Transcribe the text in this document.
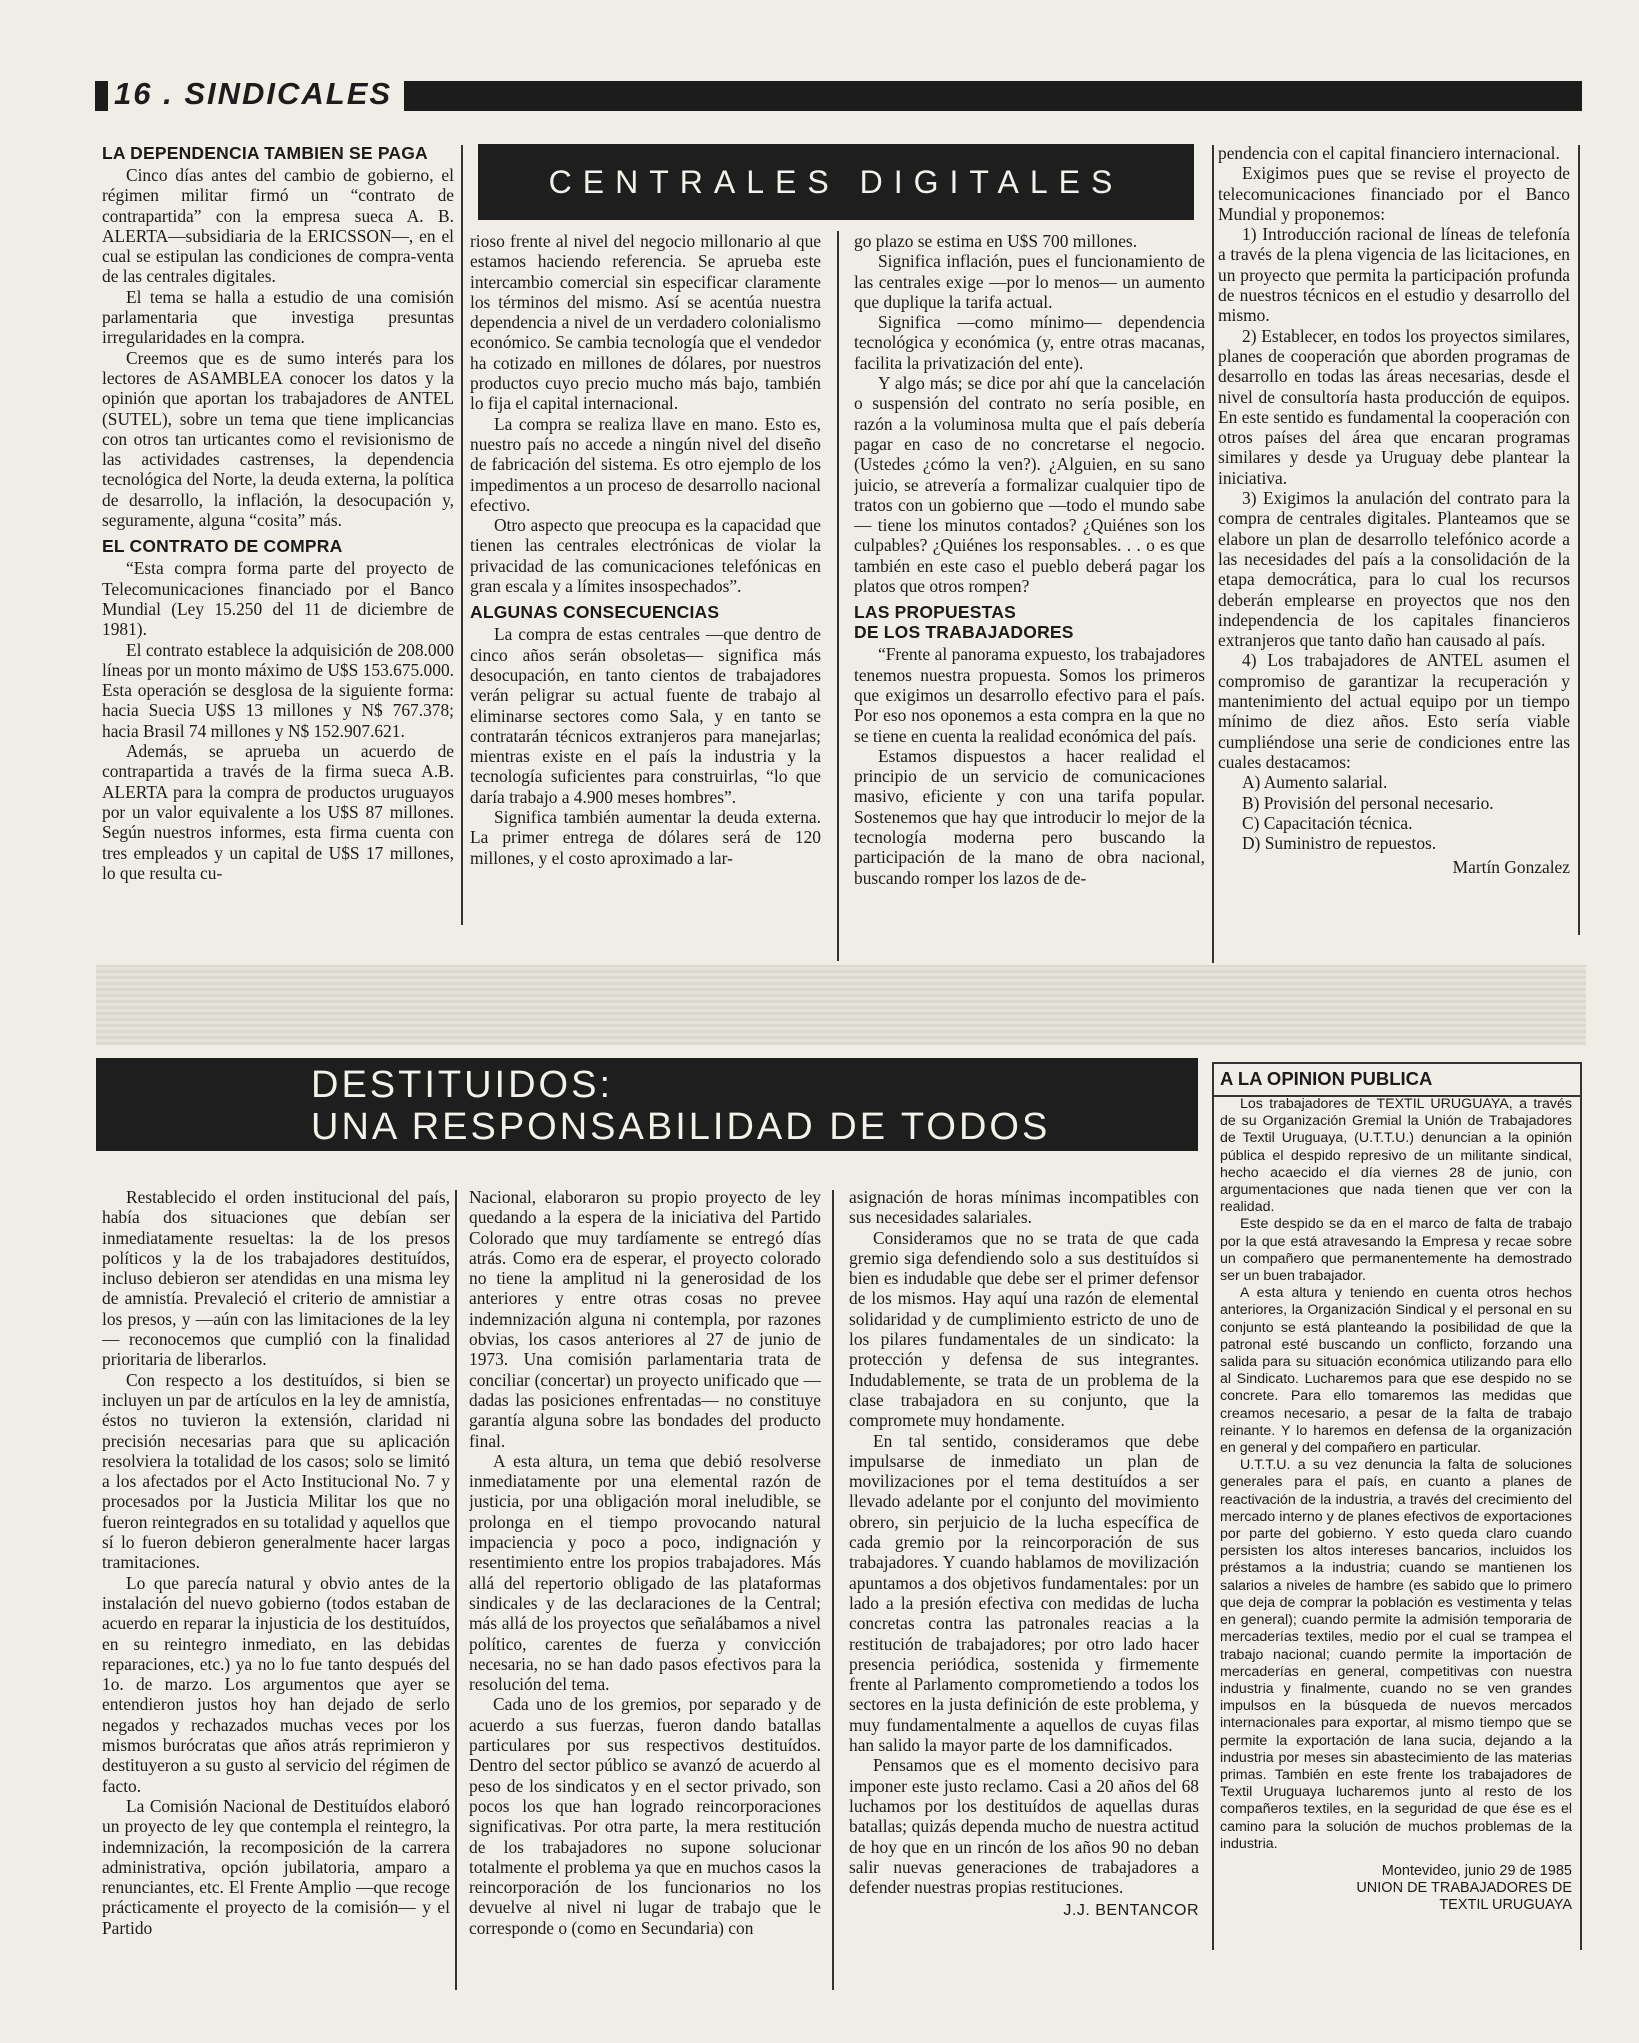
16 . SINDICALES
CENTRALES DIGITALES
LA DEPENDENCIA TAMBIEN SE PAGA

Cinco días antes del cambio de gobierno, el régimen militar firmó un “contrato de contrapartida” con la empresa sueca A. B. ALERTA—subsidiaria de la ERICSSON—, en el cual se estipulan las condiciones de compra-venta de las centrales digitales.

El tema se halla a estudio de una comisión parlamentaria que investiga presuntas irregularidades en la compra.

Creemos que es de sumo interés para los lectores de ASAMBLEA conocer los datos y la opinión que aportan los trabajadores de ANTEL (SUTEL), sobre un tema que tiene implicancias con otros tan urticantes como el revisionismo de las actividades castrenses, la dependencia tecnológica del Norte, la deuda externa, la política de desarrollo, la inflación, la desocupación y, seguramente, alguna “cosita” más.

EL CONTRATO DE COMPRA

“Esta compra forma parte del proyecto de Telecomunicaciones financiado por el Banco Mundial (Ley 15.250 del 11 de diciembre de 1981).

El contrato establece la adquisición de 208.000 líneas por un monto máximo de U$S 153.675.000. Esta operación se desglosa de la siguiente forma: hacia Suecia U$S 13 millones y N$ 767.378; hacia Brasil 74 millones y N$ 152.907.621.

Además, se aprueba un acuerdo de contrapartida a través de la firma sueca A.B. ALERTA para la compra de productos uruguayos por un valor equivalente a los U$S 87 millones. Según nuestros informes, esta firma cuenta con tres empleados y un capital de U$S 17 millones, lo que resulta cu-

rioso frente al nivel del negocio millonario al que estamos haciendo referencia. Se aprueba este intercambio comercial sin especificar claramente los términos del mismo. Así se acentúa nuestra dependencia a nivel de un verdadero colonialismo económico. Se cambia tecnología que el vendedor ha cotizado en millones de dólares, por nuestros productos cuyo precio mucho más bajo, también lo fija el capital internacional.

La compra se realiza llave en mano. Esto es, nuestro país no accede a ningún nivel del diseño de fabricación del sistema. Es otro ejemplo de los impedimentos a un proceso de desarrollo nacional efectivo.

Otro aspecto que preocupa es la capacidad que tienen las centrales electrónicas de violar la privacidad de las comunicaciones telefónicas en gran escala y a límites insospechados”.

ALGUNAS CONSECUENCIAS

La compra de estas centrales —que dentro de cinco años serán obsoletas— significa más desocupación, en tanto cientos de trabajadores verán peligrar su actual fuente de trabajo al eliminarse sectores como Sala, y en tanto se contratarán técnicos extranjeros para manejarlas; mientras existe en el país la industria y la tecnología suficientes para construirlas, “lo que daría trabajo a 4.900 meses hombres”.

Significa también aumentar la deuda externa. La primer entrega de dólares será de 120 millones, y el costo aproximado a lar-

go plazo se estima en U$S 700 millones.

Significa inflación, pues el funcionamiento de las centrales exige —por lo menos— un aumento que duplique la tarifa actual.

Significa —como mínimo— dependencia tecnológica y económica (y, entre otras macanas, facilita la privatización del ente).

Y algo más; se dice por ahí que la cancelación o suspensión del contrato no sería posible, en razón a la voluminosa multa que el país debería pagar en caso de no concretarse el negocio. (Ustedes ¿cómo la ven?). ¿Alguien, en su sano juicio, se atrevería a formalizar cualquier tipo de tratos con un gobierno que —todo el mundo sabe— tiene los minutos contados? ¿Quiénes son los culpables? ¿Quiénes los responsables. . . o es que también en este caso el pueblo deberá pagar los platos que otros rompen?

LAS PROPUESTAS
DE LOS TRABAJADORES

“Frente al panorama expuesto, los trabajadores tenemos nuestra propuesta. Somos los primeros que exigimos un desarrollo efectivo para el país. Por eso nos oponemos a esta compra en la que no se tiene en cuenta la realidad económica del país.

Estamos dispuestos a hacer realidad el principio de un servicio de comunicaciones masivo, eficiente y con una tarifa popular. Sostenemos que hay que introducir lo mejor de la tecnología moderna pero buscando la participación de la mano de obra nacional, buscando romper los lazos de de-

pendencia con el capital financiero internacional.

Exigimos pues que se revise el proyecto de telecomunicaciones financiado por el Banco Mundial y proponemos:

1) Introducción racional de líneas de telefonía a través de la plena vigencia de las licitaciones, en un proyecto que permita la participación profunda de nuestros técnicos en el estudio y desarrollo del mismo.

2) Establecer, en todos los proyectos similares, planes de cooperación que aborden programas de desarrollo en todas las áreas necesarias, desde el nivel de consultoría hasta producción de equipos. En este sentido es fundamental la cooperación con otros países del área que encaran programas similares y desde ya Uruguay debe plantear la iniciativa.

3) Exigimos la anulación del contrato para la compra de centrales digitales. Planteamos que se elabore un plan de desarrollo telefónico acorde a las necesidades del país a la consolidación de la etapa democrática, para lo cual los recursos deberán emplearse en proyectos que nos den independencia de los capitales financieros extranjeros que tanto daño han causado al país.

4) Los trabajadores de ANTEL asumen el compromiso de garantizar la recuperación y mantenimiento del actual equipo por un tiempo mínimo de diez años. Esto sería viable cumpliéndose una serie de condiciones entre las cuales destacamos:

A) Aumento salarial.

B) Provisión del personal necesario.

C) Capacitación técnica.

D) Suministro de repuestos.

Martín Gonzalez
DESTITUIDOS:
UNA RESPONSABILIDAD DE TODOS

Restablecido el orden institucional del país, había dos situaciones que debían ser inmediatamente resueltas: la de los presos políticos y la de los trabajadores destituídos, incluso debieron ser atendidas en una misma ley de amnistía. Prevaleció el criterio de amnistiar a los presos, y —aún con las limitaciones de la ley— reconocemos que cumplió con la finalidad prioritaria de liberarlos.

Con respecto a los destituídos, si bien se incluyen un par de artículos en la ley de amnistía, éstos no tuvieron la extensión, claridad ni precisión necesarias para que su aplicación resolviera la totalidad de los casos; solo se limitó a los afectados por el Acto Institucional No. 7 y procesados por la Justicia Militar los que no fueron reintegrados en su totalidad y aquellos que sí lo fueron debieron generalmente hacer largas tramitaciones.

Lo que parecía natural y obvio antes de la instalación del nuevo gobierno (todos estaban de acuerdo en reparar la injusticia de los destituídos, en su reintegro inmediato, en las debidas reparaciones, etc.) ya no lo fue tanto después del 1o. de marzo. Los argumentos que ayer se entendieron justos hoy han dejado de serlo negados y rechazados muchas veces por los mismos burócratas que años atrás reprimieron y destituyeron a su gusto al servicio del régimen de facto.

La Comisión Nacional de Destituídos elaboró un proyecto de ley que contempla el reintegro, la indemnización, la recomposición de la carrera administrativa, opción jubilatoria, amparo a renunciantes, etc. El Frente Amplio —que recoge prácticamente el proyecto de la comisión— y el Partido

Nacional, elaboraron su propio proyecto de ley quedando a la espera de la iniciativa del Partido Colorado que muy tardíamente se entregó días atrás. Como era de esperar, el proyecto colorado no tiene la amplitud ni la generosidad de los anteriores y entre otras cosas no prevee indemnización alguna ni contempla, por razones obvias, los casos anteriores al 27 de junio de 1973. Una comisión parlamentaria trata de conciliar (concertar) un proyecto unificado que —dadas las posiciones enfrentadas— no constituye garantía alguna sobre las bondades del producto final.

A esta altura, un tema que debió resolverse inmediatamente por una elemental razón de justicia, por una obligación moral ineludible, se prolonga en el tiempo provocando natural impaciencia y poco a poco, indignación y resentimiento entre los propios trabajadores. Más allá del repertorio obligado de las plataformas sindicales y de las declaraciones de la Central; más allá de los proyectos que señalábamos a nivel político, carentes de fuerza y convicción necesaria, no se han dado pasos efectivos para la resolución del tema.

Cada uno de los gremios, por separado y de acuerdo a sus fuerzas, fueron dando batallas particulares por sus respectivos destituídos. Dentro del sector público se avanzó de acuerdo al peso de los sindicatos y en el sector privado, son pocos los que han logrado reincorporaciones significativas. Por otra parte, la mera restitución de los trabajadores no supone solucionar totalmente el problema ya que en muchos casos la reincorporación de los funcionarios no los devuelve al nivel ni lugar de trabajo que le corresponde o (como en Secundaria) con

asignación de horas mínimas incompatibles con sus necesidades salariales.

Consideramos que no se trata de que cada gremio siga defendiendo solo a sus destituídos si bien es indudable que debe ser el primer defensor de los mismos. Hay aquí una razón de elemental solidaridad y de cumplimiento estricto de uno de los pilares fundamentales de un sindicato: la protección y defensa de sus integrantes. Indudablemente, se trata de un problema de la clase trabajadora en su conjunto, que la compromete muy hondamente.

En tal sentido, consideramos que debe impulsarse de inmediato un plan de movilizaciones por el tema destituídos a ser llevado adelante por el conjunto del movimiento obrero, sin perjuicio de la lucha específica de cada gremio por la reincorporación de sus trabajadores. Y cuando hablamos de movilización apuntamos a dos objetivos fundamentales: por un lado a la presión efectiva con medidas de lucha concretas contra las patronales reacias a la restitución de trabajadores; por otro lado hacer presencia periódica, sostenida y firmemente frente al Parlamento comprometiendo a todos los sectores en la justa definición de este problema, y muy fundamentalmente a aquellos de cuyas filas han salido la mayor parte de los damnificados.

Pensamos que es el momento decisivo para imponer este justo reclamo. Casi a 20 años del 68 luchamos por los destituídos de aquellas duras batallas; quizás dependa mucho de nuestra actitud de hoy que en un rincón de los años 90 no deban salir nuevas generaciones de trabajadores a defender nuestras propias restituciones.

J.J. BENTANCOR
A LA OPINION PUBLICA

Los trabajadores de TEXTIL URUGUAYA, a través de su Organización Gremial la Unión de Trabajadores de Textil Uruguaya, (U.T.T.U.) denuncian a la opinión pública el despido represivo de un militante sindical, hecho acaecido el día viernes 28 de junio, con argumentaciones que nada tienen que ver con la realidad.

Este despido se da en el marco de falta de trabajo por la que está atravesando la Empresa y recae sobre un compañero que permanentemente ha demostrado ser un buen trabajador.

A esta altura y teniendo en cuenta otros hechos anteriores, la Organización Sindical y el personal en su conjunto se está planteando la posibilidad de que la patronal esté buscando un conflicto, forzando una salida para su situación económica utilizando para ello al Sindicato. Lucharemos para que ese despido no se concrete. Para ello tomaremos las medidas que creamos necesario, a pesar de la falta de trabajo reinante. Y lo haremos en defensa de la organización en general y del compañero en particular.

U.T.T.U. a su vez denuncia la falta de soluciones generales para el país, en cuanto a planes de reactivación de la industria, a través del crecimiento del mercado interno y de planes efectivos de exportaciones por parte del gobierno. Y esto queda claro cuando persisten los altos intereses bancarios, incluidos los préstamos a la industria; cuando se mantienen los salarios a niveles de hambre (es sabido que lo primero que deja de comprar la población es vestimenta y telas en general); cuando permite la admisión temporaria de mercaderías textiles, medio por el cual se trampea el trabajo nacional; cuando permite la importación de mercaderías en general, competitivas con nuestra industria y finalmente, cuando no se ven grandes impulsos en la búsqueda de nuevos mercados internacionales para exportar, al mismo tiempo que se permite la exportación de lana sucia, dejando a la industria por meses sin abastecimiento de las materias primas. También en este frente los trabajadores de Textil Uruguaya lucharemos junto al resto de los compañeros textiles, en la seguridad de que ése es el camino para la solución de muchos problemas de la industria.

Montevideo, junio 29 de 1985
UNION DE TRABAJADORES DE
TEXTIL URUGUAYA
